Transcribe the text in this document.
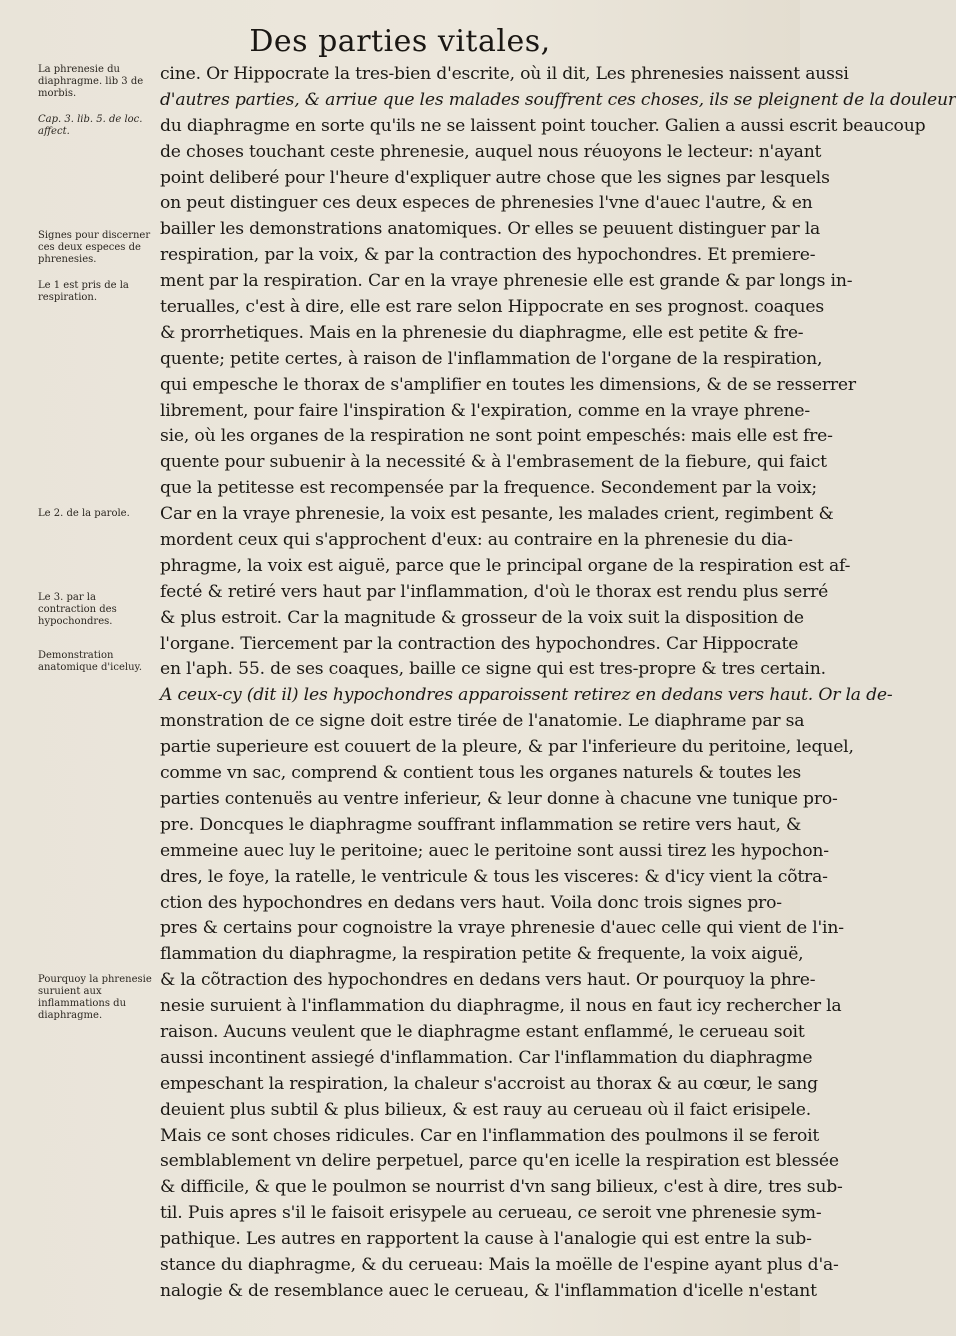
Des parties vitales,
La phrenesie du diaphragme. lib 3 de morbis.
Cap. 3. lib. 5. de loc. affect.
Signes pour discerner ces deux especes de phrenesies.
Le 1 est pris de la respiration.
Le 2. de la parole.
Le 3. par la contraction des hypochondres.
Demonstration anatomique d'iceluy.
Pourquoy la phrenesie suruient aux inflammations du diaphragme.
cine. Or Hippocrate la tres-bien d'escrite, où il dit, Les phrenesies naissent aussi
d'autres parties, & arriue que les malades souffrent ces choses, ils se pleignent de la douleur
du diaphragme en sorte qu'ils ne se laissent point toucher. Galien a aussi escrit beaucoup
de choses touchant ceste phrenesie, auquel nous réuoyons le lecteur: n'ayant
point deliberé pour l'heure d'expliquer autre chose que les signes par lesquels
on peut distinguer ces deux especes de phrenesies l'vne d'auec l'autre, & en
bailler les demonstrations anatomiques. Or elles se peuuent distinguer par la
respiration, par la voix, & par la contraction des hypochondres. Et premiere-
ment par la respiration. Car en la vraye phrenesie elle est grande & par longs in-
terualles, c'est à dire, elle est rare selon Hippocrate en ses prognost. coaques
& prorrhetiques. Mais en la phrenesie du diaphragme, elle est petite & fre-
quente; petite certes, à raison de l'inflammation de l'organe de la respiration,
qui empesche le thorax de s'amplifier en toutes les dimensions, & de se resserrer
librement, pour faire l'inspiration & l'expiration, comme en la vraye phrene-
sie, où les organes de la respiration ne sont point empeschés: mais elle est fre-
quente pour subuenir à la necessité & à l'embrasement de la fiebure, qui faict
que la petitesse est recompensée par la frequence. Secondement par la voix;
Car en la vraye phrenesie, la voix est pesante, les malades crient, regimbent &
mordent ceux qui s'approchent d'eux: au contraire en la phrenesie du dia-
phragme, la voix est aiguë, parce que le principal organe de la respiration est af-
fecté & retiré vers haut par l'inflammation, d'où le thorax est rendu plus serré
& plus estroit. Car la magnitude & grosseur de la voix suit la disposition de
l'organe. Tiercement par la contraction des hypochondres. Car Hippocrate
en l'aph. 55. de ses coaques, baille ce signe qui est tres-propre & tres certain.
A ceux-cy (dit il) les hypochondres apparoissent retirez en dedans vers haut. Or la de-
monstration de ce signe doit estre tirée de l'anatomie. Le diaphrame par sa
partie superieure est couuert de la pleure, & par l'inferieure du peritoine, lequel,
comme vn sac, comprend & contient tous les organes naturels & toutes les
parties contenuës au ventre inferieur, & leur donne à chacune vne tunique pro-
pre. Doncques le diaphragme souffrant inflammation se retire vers haut, &
emmeine auec luy le peritoine; auec le peritoine sont aussi tirez les hypochon-
dres, le foye, la ratelle, le ventricule & tous les visceres: & d'icy vient la cõtra-
ction des hypochondres en dedans vers haut. Voila donc trois signes pro-
pres & certains pour cognoistre la vraye phrenesie d'auec celle qui vient de l'in-
flammation du diaphragme, la respiration petite & frequente, la voix aiguë,
& la cõtraction des hypochondres en dedans vers haut. Or pourquoy la phre-
nesie suruient à l'inflammation du diaphragme, il nous en faut icy rechercher la
raison. Aucuns veulent que le diaphragme estant enflammé, le cerueau soit
aussi incontinent assiegé d'inflammation. Car l'inflammation du diaphragme
empeschant la respiration, la chaleur s'accroist au thorax & au cœur, le sang
deuient plus subtil & plus bilieux, & est rauy au cerueau où il faict erisipele.
Mais ce sont choses ridicules. Car en l'inflammation des poulmons il se feroit
semblablement vn delire perpetuel, parce qu'en icelle la respiration est blessée
& difficile, & que le poulmon se nourrist d'vn sang bilieux, c'est à dire, tres sub-
til. Puis apres s'il le faisoit erisypele au cerueau, ce seroit vne phrenesie sym-
pathique. Les autres en rapportent la cause à l'analogie qui est entre la sub-
stance du diaphragme, & du cerueau: Mais la moëlle de l'espine ayant plus d'a-
nalogie & de resemblance auec le cerueau, & l'inflammation d'icelle n'estant
